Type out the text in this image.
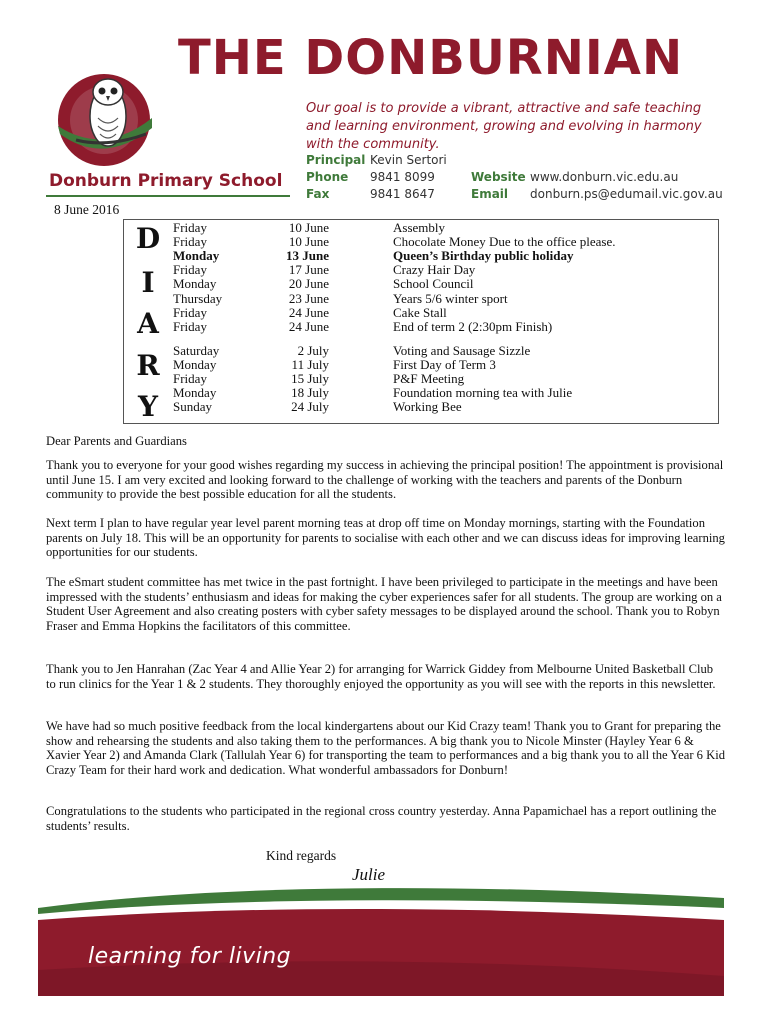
THE DONBURNIAN
Our goal is to provide a vibrant, attractive and safe teaching and learning environment, growing and evolving in harmony with the community.
Donburn Primary School
Principal Kevin Sertori
Phone 9841 8099
Fax	9841 8647
Website www.donburn.vic.edu.au
Email donburn.ps@edumail.vic.gov.au
8 June 2016
D
I
A
R
Y
Friday	10 June	Assembly
Friday	10 June	Chocolate Money Due to the office please.
Monday	13 June	Queen’s Birthday public holiday
Friday	17 June	Crazy Hair Day
Monday	20 June	School Council
Thursday	23 June	Years 5/6 winter sport
Friday	24 June	Cake Stall
Friday	24 June	End of term 2 (2:30pm Finish)
Saturday	2 July	Voting and Sausage Sizzle
Monday	11 July	First Day of Term 3
Friday	15 July	P&F Meeting
Monday	18 July	Foundation morning tea with Julie
Sunday	24 July	Working Bee
Dear Parents and Guardians
Thank you to everyone for your good wishes regarding my success in achieving the principal position! The appointment is provisional until June 15. I am very excited and looking forward to the challenge of working with the teachers and parents of the Donburn community to provide the best possible education for all the students.
Next term I plan to have regular year level parent morning teas at drop off time on Monday mornings, starting with the Foundation parents on July 18. This will be an opportunity for parents to socialise with each other and we can discuss ideas for improving learning opportunities for our students.
The eSmart student committee has met twice in the past fortnight. I have been privileged to participate in the meetings and have been impressed with the students’ enthusiasm and ideas for making the cyber experiences safer for all students. The group are working on a Student User Agreement and also creating posters with cyber safety messages to be displayed around the school. Thank you to Robyn Fraser and Emma Hopkins the facilitators of this committee.
Thank you to Jen Hanrahan (Zac Year 4 and Allie Year 2) for arranging for Warrick Giddey from Melbourne United Basketball Club to run clinics for the Year 1 & 2 students. They thoroughly enjoyed the opportunity as you will see with the reports in this newsletter.
We have had so much positive feedback from the local kindergartens about our Kid Crazy team! Thank you to Grant for preparing the show and rehearsing the students and also taking them to the performances. A big thank you to Nicole Minster (Hayley Year 6 & Xavier Year 2) and Amanda Clark (Tallulah Year 6) for transporting the team to performances and a big thank you to all the Year 6 Kid Crazy Team for their hard work and dedication. What wonderful ambassadors for Donburn!
Congratulations to the students who participated in the regional cross country yesterday. Anna Papamichael has a report outlining the students’ results.
Kind regards
Julie
learning for living
